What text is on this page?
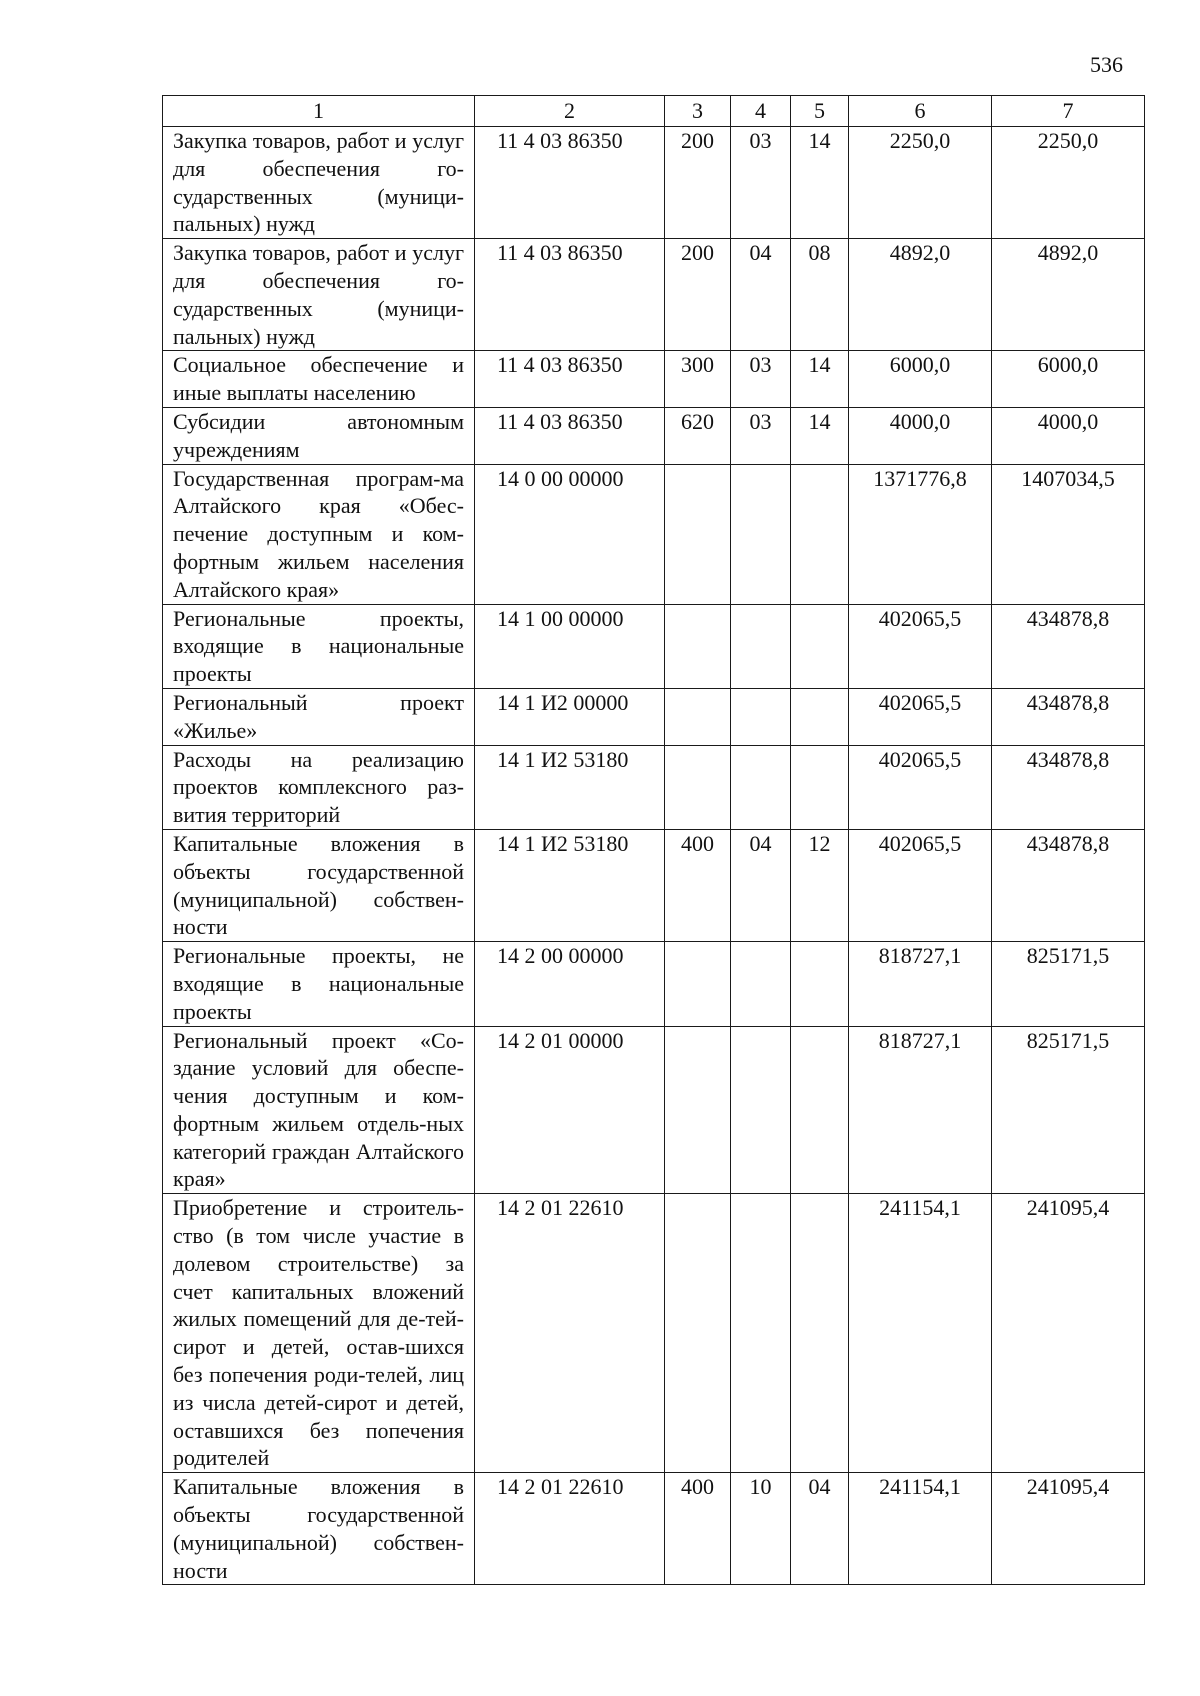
536
1	2	3	4	5	6	7
Закупка товаров, работ и услуг для обеспечения го-сударственных (муници-пальных) нужд	11 4 03 86350	200	03	14	2250,0	2250,0
Закупка товаров, работ и услуг для обеспечения го-сударственных (муници-пальных) нужд	11 4 03 86350	200	04	08	4892,0	4892,0
Социальное обеспечение и иные выплаты населению	11 4 03 86350	300	03	14	6000,0	6000,0
Субсидии автономным учреждениям	11 4 03 86350	620	03	14	4000,0	4000,0
Государственная програм-ма Алтайского края «Обес-печение доступным и ком-фортным жильем населения Алтайского края»	14 0 00 00000				1371776,8	1407034,5
Региональные проекты, входящие в национальные проекты	14 1 00 00000				402065,5	434878,8
Региональный проект «Жилье»	14 1 И2 00000				402065,5	434878,8
Расходы на реализацию проектов комплексного раз-вития территорий	14 1 И2 53180				402065,5	434878,8
Капитальные вложения в объекты государственной (муниципальной) собствен-ности	14 1 И2 53180	400	04	12	402065,5	434878,8
Региональные проекты, не входящие в национальные проекты	14 2 00 00000				818727,1	825171,5
Региональный проект «Со-здание условий для обеспе-чения доступным и ком-фортным жильем отдель-ных категорий граждан Алтайского края»	14 2 01 00000				818727,1	825171,5
Приобретение и строитель-ство (в том числе участие в долевом строительстве) за счет капитальных вложений жилых помещений для де-тей-сирот и детей, остав-шихся без попечения роди-телей, лиц из числа детей-сирот и детей, оставшихся без попечения родителей	14 2 01 22610				241154,1	241095,4
Капитальные вложения в объекты государственной (муниципальной) собствен-ности	14 2 01 22610	400	10	04	241154,1	241095,4
